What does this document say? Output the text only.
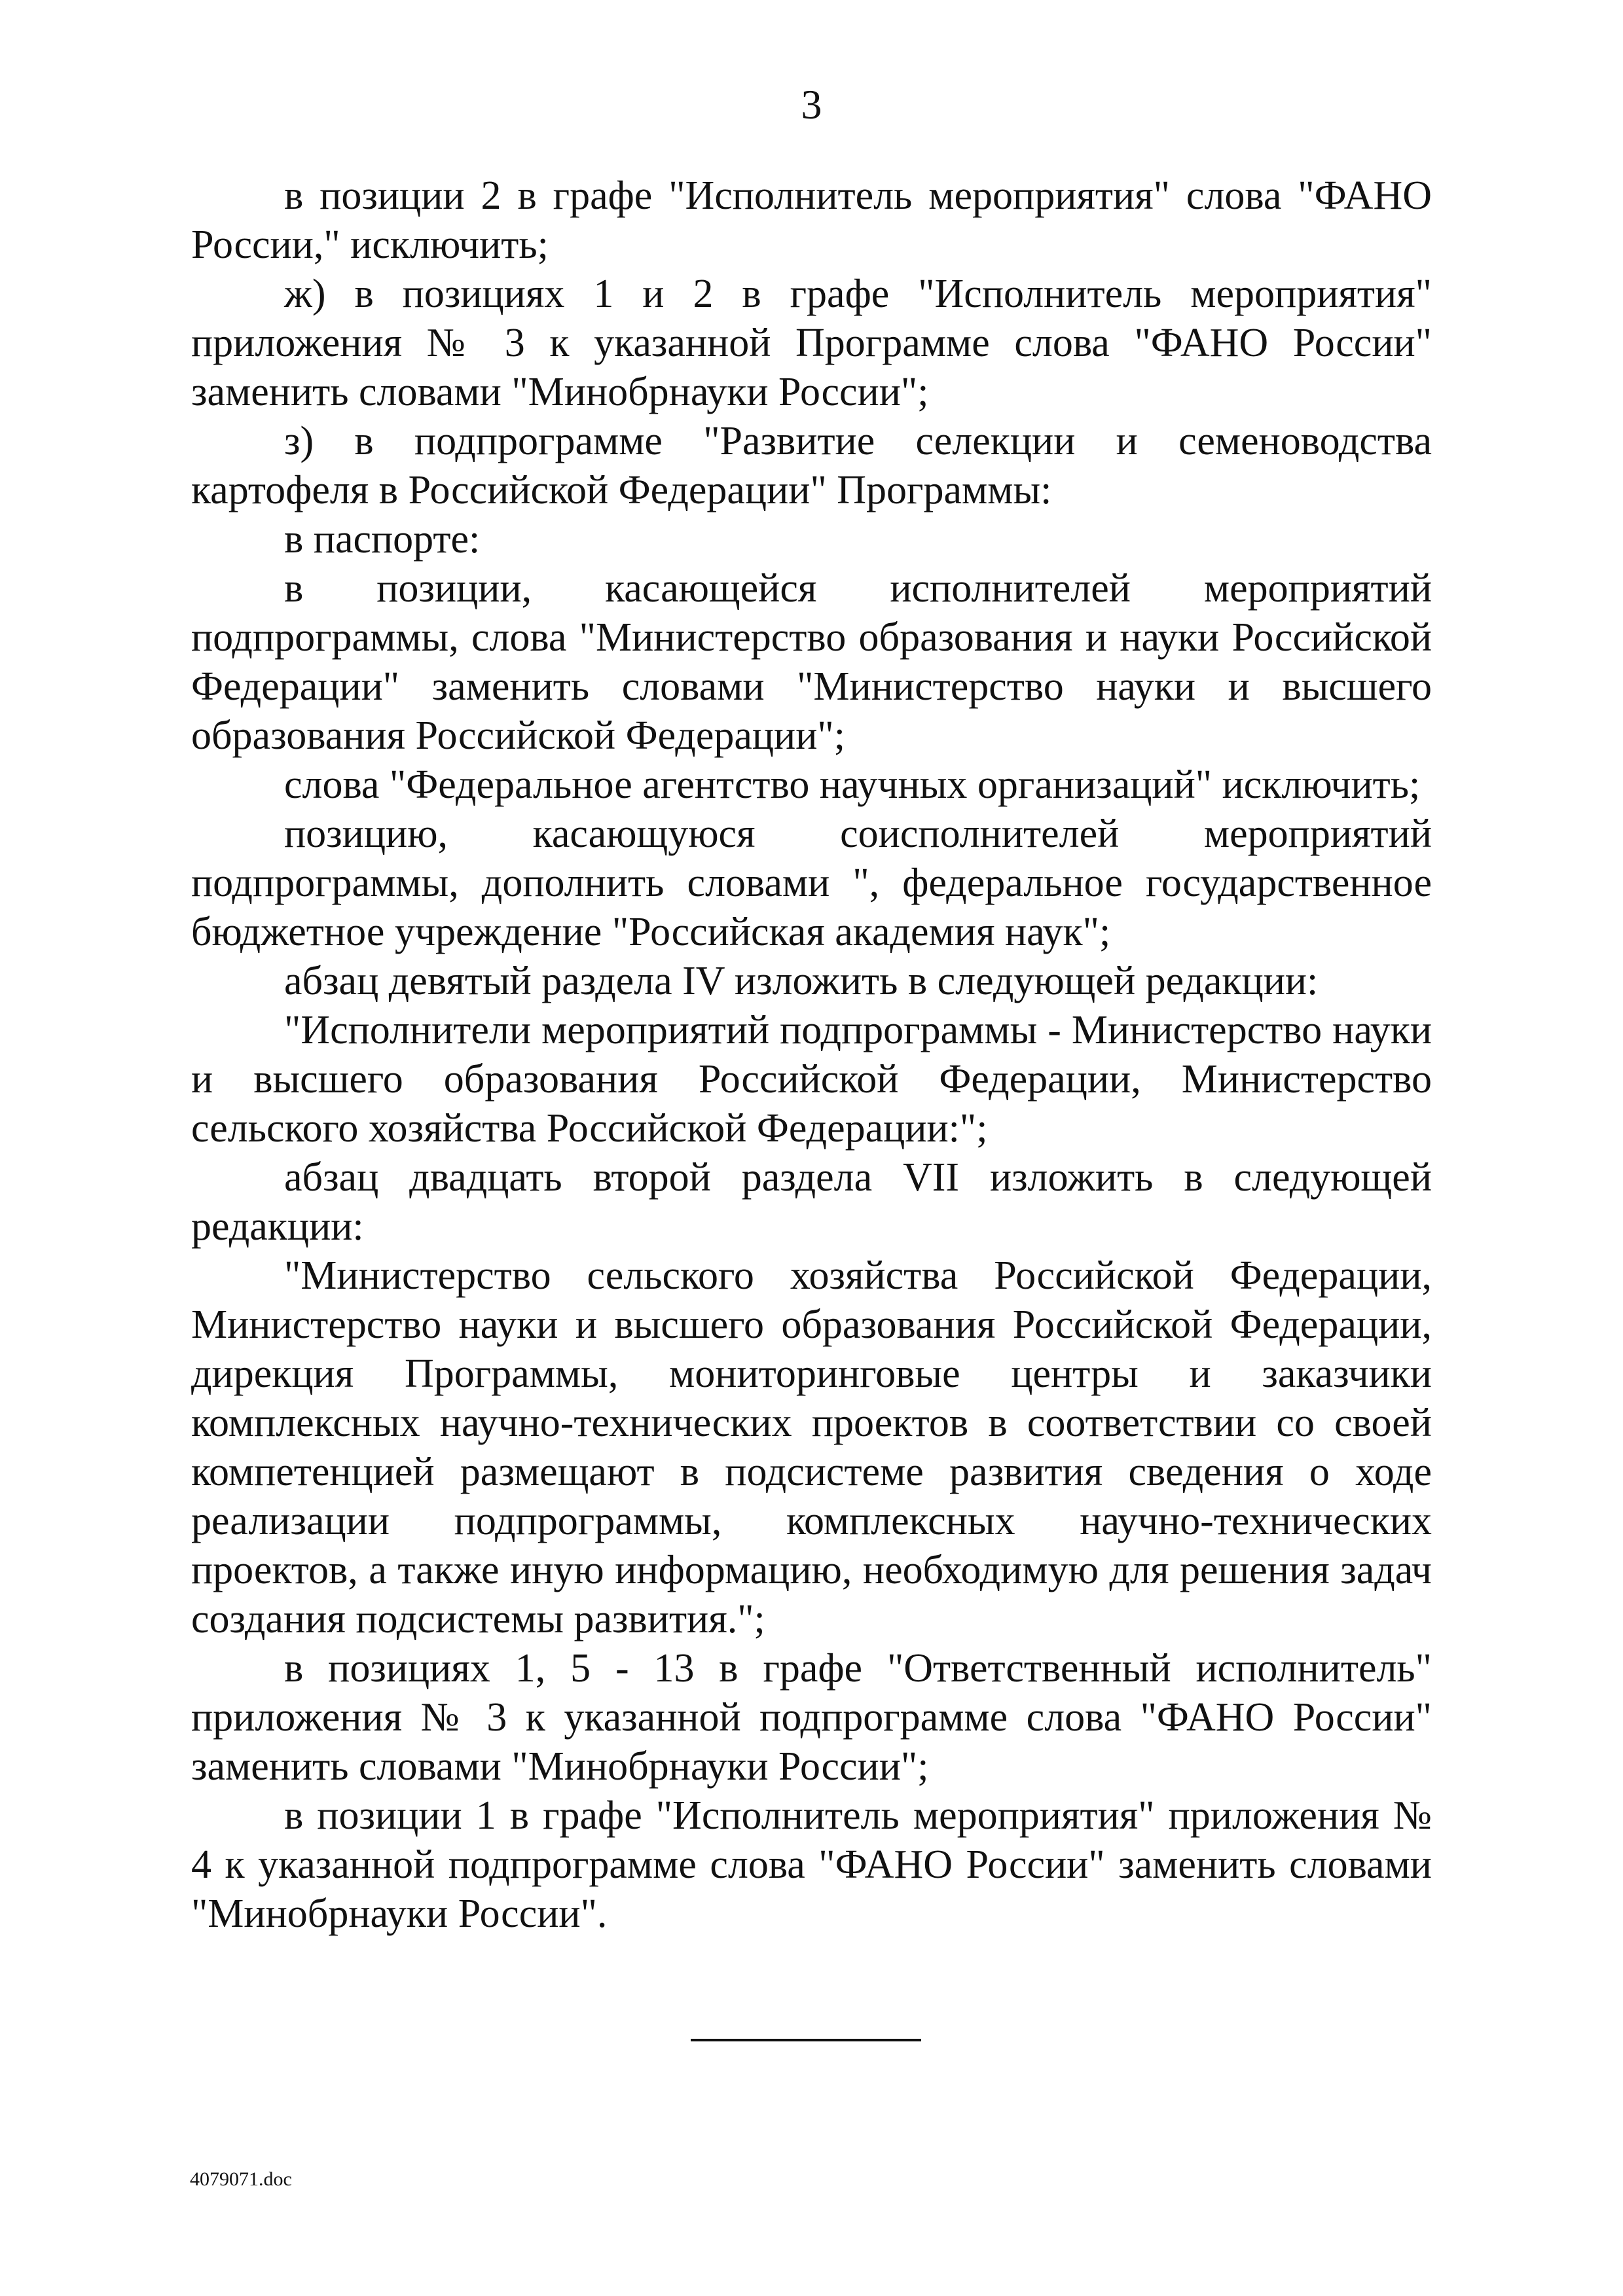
3

в позиции 2 в графе "Исполнитель мероприятия" слова "ФАНО России," исключить;

ж) в позициях 1 и 2 в графе "Исполнитель мероприятия" приложения № 3 к указанной Программе слова "ФАНО России" заменить словами "Минобрнауки России";

з) в подпрограмме "Развитие селекции и семеноводства картофеля в Российской Федерации" Программы:

в паспорте:

в позиции, касающейся исполнителей мероприятий подпрограммы, слова "Министерство образования и науки Российской Федерации" заменить словами "Министерство науки и высшего образования Российской Федерации";

слова "Федеральное агентство научных организаций" исключить;

позицию, касающуюся соисполнителей мероприятий подпрограммы, дополнить словами ", федеральное государственное бюджетное учреждение "Российская академия наук";

абзац девятый раздела IV изложить в следующей редакции:

"Исполнители мероприятий подпрограммы - Министерство науки и высшего образования Российской Федерации, Министерство сельского хозяйства Российской Федерации:";

абзац двадцать второй раздела VII изложить в следующей редакции:

"Министерство сельского хозяйства Российской Федерации, Министерство науки и высшего образования Российской Федерации, дирекция Программы, мониторинговые центры и заказчики комплексных научно-технических проектов в соответствии со своей компетенцией размещают в подсистеме развития сведения о ходе реализации подпрограммы, комплексных научно-технических проектов, а также иную информацию, необходимую для решения задач создания подсистемы развития.";

в позициях 1, 5 - 13 в графе "Ответственный исполнитель" приложения № 3 к указанной подпрограмме слова "ФАНО России" заменить словами "Минобрнауки России";

в позиции 1 в графе "Исполнитель мероприятия" приложения № 4 к указанной подпрограмме слова "ФАНО России" заменить словами "Минобрнауки России".

4079071.doc
